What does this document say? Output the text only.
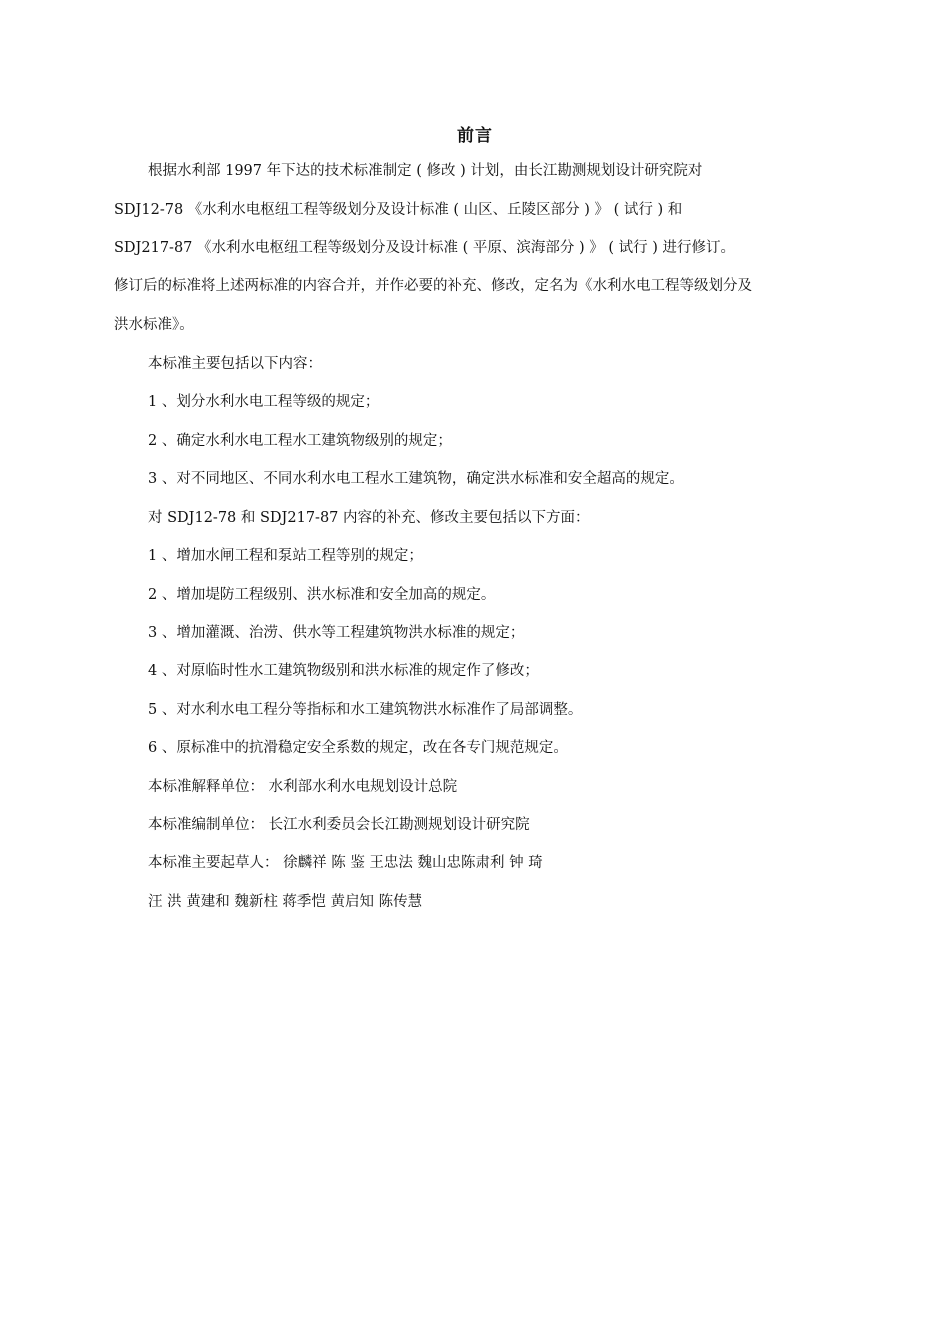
前言
根据水利部 1997 年下达的技术标准制定 ( 修改 ) 计划，由长江勘测规划设计研究院对
SDJ12-78 《水利水电枢纽工程等级划分及设计标准 ( 山区、丘陵区部分 ) 》 ( 试行 ) 和
SDJ217-87 《水利水电枢纽工程等级划分及设计标准 ( 平原、滨海部分 ) 》 ( 试行 ) 进行修订。
修订后的标准将上述两标准的内容合并，并作必要的补充、修改，定名为《水利水电工程等级划分及
洪水标准》。
本标准主要包括以下内容：
1 、划分水利水电工程等级的规定；
2 、确定水利水电工程水工建筑物级别的规定；
3 、对不同地区、不同水利水电工程水工建筑物，确定洪水标准和安全超高的规定。
对 SDJ12-78 和 SDJ217-87 内容的补充、修改主要包括以下方面：
1 、增加水闸工程和泵站工程等别的规定；
2 、增加堤防工程级别、洪水标准和安全加高的规定。
3 、增加灌溉、治涝、供水等工程建筑物洪水标准的规定；
4 、对原临时性水工建筑物级别和洪水标准的规定作了修改；
5 、对水利水电工程分等指标和水工建筑物洪水标准作了局部调整。
6 、原标准中的抗滑稳定安全系数的规定，改在各专门规范规定。
本标准解释单位： 水利部水利水电规划设计总院
本标准编制单位： 长江水利委员会长江勘测规划设计研究院
本标准主要起草人： 徐麟祥 陈 鉴 王忠法 魏山忠陈肃利 钟 琦
汪 洪 黄建和 魏新柱 蒋季恺 黄启知 陈传慧
